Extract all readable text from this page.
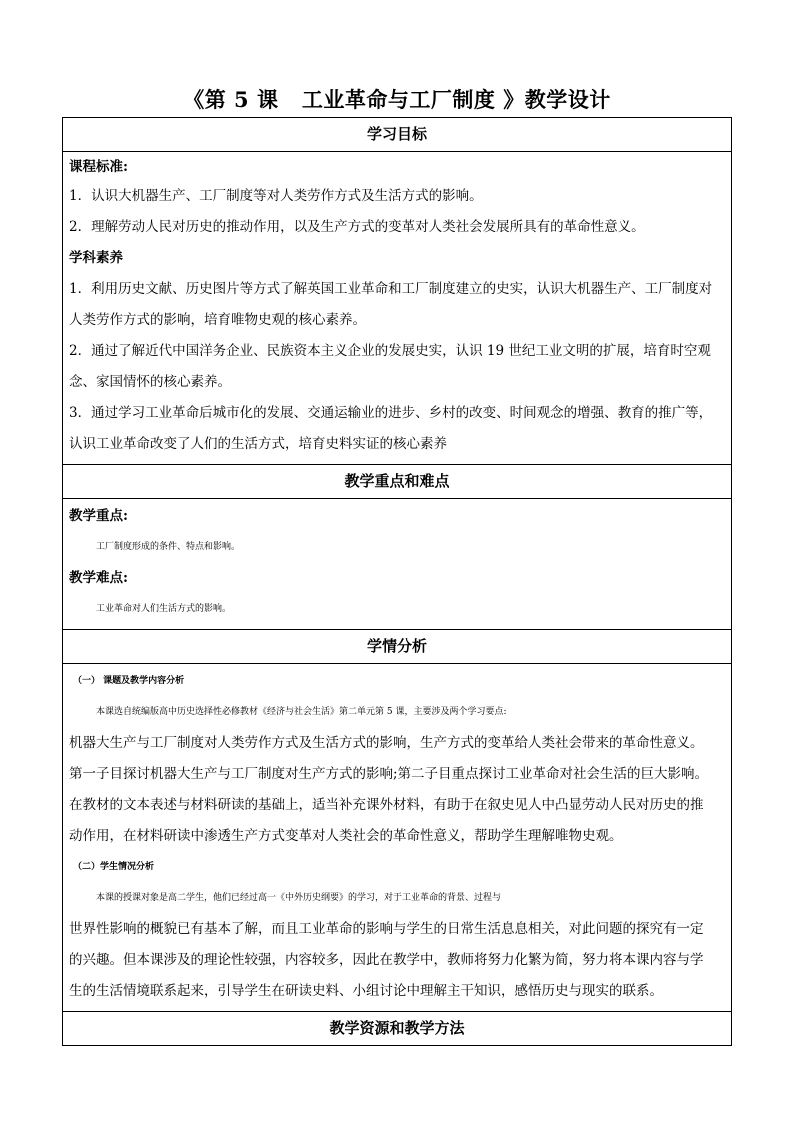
《第 5 课   工业革命与工厂制度 》教学设计
学习目标

课程标准:
1．认识大机器生产、工厂制度等对人类劳作方式及生活方式的影响。
2．理解劳动人民对历史的推动作用，以及生产方式的变革对人类社会发展所具有的革命性意义。
学科素养
1．利用历史文献、历史图片等方式了解英国工业革命和工厂制度建立的史实，认识大机器生产、工厂制度对
人类劳作方式的影响，培育唯物史观的核心素养。
2．通过了解近代中国洋务企业、民族资本主义企业的发展史实，认识 19 世纪工业文明的扩展，培育时空观
念、家国情怀的核心素养。
3．通过学习工业革命后城市化的发展、交通运输业的进步、乡村的改变、时间观念的增强、教育的推广等，
认识工业革命改变了人们的生活方式，培育史料实证的核心素养

教学重点和难点

教学重点:
工厂制度形成的条件、特点和影响。
教学难点:
工业革命对人们生活方式的影响。

学情分析

（一） 课题及教学内容分析
本课选自统编版高中历史选择性必修教材《经济与社会生活》第二单元第 5 课，主要涉及两个学习要点:
机器大生产与工厂制度对人类劳作方式及生活方式的影响，生产方式的变革给人类社会带来的革命性意义。
第一子目探讨机器大生产与工厂制度对生产方式的影响;第二子目重点探讨工业革命对社会生活的巨大影响。
在教材的文本表述与材料研读的基础上，适当补充课外材料，有助于在叙史见人中凸显劳动人民对历史的推
动作用，在材料研读中渗透生产方式变革对人类社会的革命性意义，帮助学生理解唯物史观。
（二）学生情况分析
本课的授课对象是高二学生，他们已经过高一《中外历史纲要》的学习，对于工业革命的背景、过程与
世界性影响的概貌已有基本了解，而且工业革命的影响与学生的日常生活息息相关，对此问题的探究有一定
的兴趣。但本课涉及的理论性较强，内容较多，因此在教学中，教师将努力化繁为简，努力将本课内容与学
生的生活情境联系起来，引导学生在研读史料、小组讨论中理解主干知识，感悟历史与现实的联系。

教学资源和教学方法
